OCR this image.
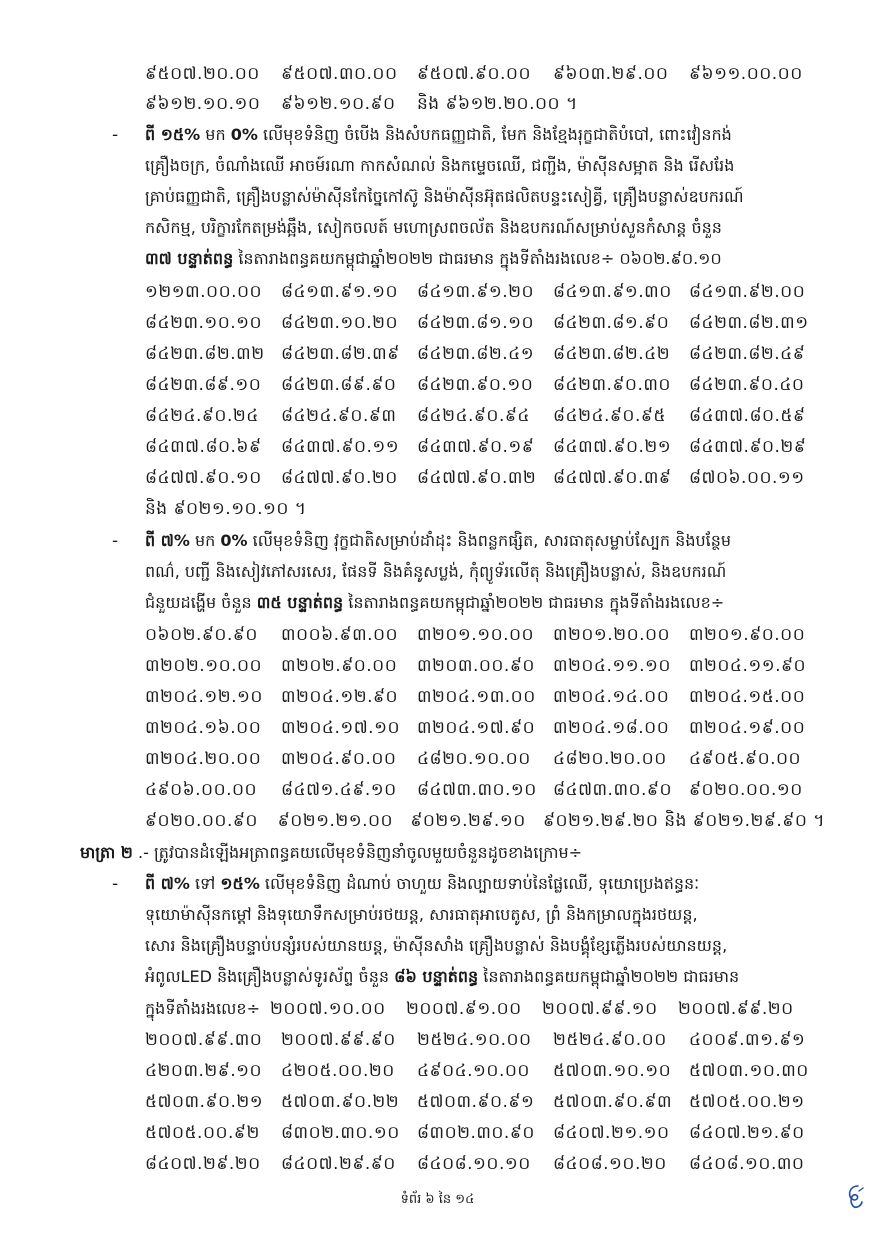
៩៥០៧.២០.០០	៩៥០៧.៣០.០០	៩៥០៧.៩០.០០	៩៦០៣.២៩.០០	៩៦១១.០០.០០
៩៦១២.១០.១០	៩៦១២.១០.៩០	និង ៩៦១២.២០.០០ ។
- ពី ១៥% មក 0% លើមុខទំនិញ ចំបើង និងសំបកធញ្ញជាតិ, មែក និងខ្មែងរុក្ខជាតិបំបៅ, ពោះវៀនកង់
គ្រឿងចក្រ, ចំណាំងឈើ អាចម៍រណា កាកសំណល់ និងកម្ទេចឈើ, ជញ្ជីង, ម៉ាស៊ីនសម្អាត និង រើសរែង
គ្រាប់ធញ្ញជាតិ, គ្រឿងបន្លាស់ម៉ាស៊ីនកែច្នៃកៅស៊ូ និងម៉ាស៊ីនអ៊ុតផលិតបន្ទះសៀគ្វី, គ្រឿងបន្លាស់ឧបករណ៍
កសិកម្ម, បរិក្ខារកែតម្រង់ឆ្អឹង, សៀកចលត៍ មហោស្រពចល័ត និងឧបករណ៍សម្រាប់សួនកំសាន្ត ចំនួន
៣៧ បន្ទាត់ពន្ធ នៃតារាងពន្ធគយកម្ពុជាឆ្នាំ២០២២ ជាធរមាន ក្នុងទីតាំងរងលេខ÷ ០៦០២.៩០.១០
១២១៣.០០.០០	៨៤១៣.៩១.១០	៨៤១៣.៩១.២០	៨៤១៣.៩១.៣០	៨៤១៣.៩២.០០
៨៤២៣.១០.១០	៨៤២៣.១០.២០	៨៤២៣.៨១.១០	៨៤២៣.៨១.៩០	៨៤២៣.៨២.៣១
៨៤២៣.៨២.៣២ ៨៤២៣.៨២.៣៩	៨៤២៣.៨២.៤១	៨៤២៣.៨២.៤២	៨៤២៣.៨២.៤៩
៨៤២៣.៨៩.១០	៨៤២៣.៨៩.៩០	៨៤២៣.៩០.១០	៨៤២៣.៩០.៣០	៨៤២៣.៩០.៤០
៨៤២៤.៩០.២៤	៨៤២៤.៩០.៩៣	៨៤២៤.៩០.៩៤	៨៤២៤.៩០.៩៥	៨៤៣៧.៨០.៥៩
៨៤៣៧.៨០.៦៩	៨៤៣៧.៩០.១១	៨៤៣៧.៩០.១៩	៨៤៣៧.៩០.២១	៨៤៣៧.៩០.២៩
៨៤៧៧.៩០.១០	៨៤៧៧.៩០.២០	៨៤៧៧.៩០.៣២ ៨៤៧៧.៩០.៣៩	៨៧០៦.០០.១១
និង ៩០២១.១០.១០ ។
- ពី ៧% មក 0% លើមុខទំនិញ វុក្ខជាតិសម្រាប់ដាំដុះ និងពន្លកផ្សិត, សារធាតុសម្លាប់ស្បែក និងបន្ថែម
ពណ៌, បញ្ជី និងសៀវភៅសរសេរ, ផែនទី និងគំនូសប្លង់, កុំព្យូទ័រលើតុ និងគ្រឿងបន្លាស់, និងឧបករណ៍
ជំនួយដង្ហើម ចំនួន ៣៥ បន្ទាត់ពន្ធ នៃតារាងពន្ធគយកម្ពុជាឆ្នាំ២០២២ ជាធរមាន ក្នុងទីតាំងរងលេខ÷
០៦០២.៩០.៩០	៣០០៦.៩៣.០០	៣២០១.១០.០០	៣២០១.២០.០០	៣២០១.៩០.០០
៣២០២.១០.០០	៣២០២.៩០.០០	៣២០៣.០០.៩០	៣២០៤.១១.១០	៣២០៤.១១.៩០
៣២០៤.១២.១០	៣២០៤.១២.៩០	៣២០៤.១៣.០០	៣២០៤.១៤.០០	៣២០៤.១៥.០០
៣២០៤.១៦.០០	៣២០៤.១៧.១០	៣២០៤.១៧.៩០	៣២០៤.១៨.០០	៣២០៤.១៩.០០
៣២០៤.២០.០០	៣២០៤.៩០.០០	៤៨២០.១០.០០	៤៨២០.២០.០០	៤៩០៥.៩០.០០
៤៩០៦.០០.០០	៨៤៧១.៤៩.១០	៨៤៧៣.៣០.១០ ៨៤៧៣.៣០.៩០	៩០២០.០០.១០
៩០២០.០០.៩០	៩០២១.២១.០០	៩០២១.២៩.១០	៩០២១.២៩.២០ និង ៩០២១.២៩.៩០ ។
មាត្រា ២ .- ត្រូវបានដំឡើងអត្រាពន្ធគយលើមុខទំនិញនាំចូលមួយចំនួនដូចខាងក្រោម÷
- ពី ៧% ទៅ ១៥% លើមុខទំនិញ ដំណាប់ ចាហួយ និងល្បាយទាប់នៃផ្លែឈើ, ទុយោប្រេងឥន្ធនៈ
ទុយោម៉ាស៊ីនកម្តៅ និងទុយោទឹកសម្រាប់រថយន្ត, សារធាតុអាបេតូស, ព្រំ និងកម្រាលក្នុងរថយន្ត,
សោរ និងគ្រឿងបន្ទាប់បន្សំរបស់យានយន្ត, ម៉ាស៊ីនសាំង គ្រឿងបន្លាស់ និងបង្គុំខ្សែភ្លើងរបស់យានយន្ត,
អំពូលLED និងគ្រឿងបន្លាស់ទូរស័ព្ទ ចំនួន ៨៦ បន្ទាត់ពន្ធ នៃតារាងពន្ធគយកម្ពុជាឆ្នាំ២០២២ ជាធរមាន
ក្នុងទីតាំងរងលេខ÷ ២០០៧.១០.០០	២០០៧.៩១.០០	២០០៧.៩៩.១០	២០០៧.៩៩.២០
២០០៧.៩៩.៣០	២០០៧.៩៩.៩០	២៥២៤.១០.០០	២៥២៤.៩០.០០	៤០០៩.៣១.៩១
៤២០៣.២៩.១០	៤២០៥.០០.២០	៤៩០៤.១០.០០	៥៧០៣.១០.១០	៥៧០៣.១០.៣០
៥៧០៣.៩០.២១	៥៧០៣.៩០.២២	៥៧០៣.៩០.៩១	៥៧០៣.៩០.៩៣	៥៧០៥.០០.២១
៥៧០៥.០០.៩២	៨៣០២.៣០.១០	៨៣០២.៣០.៩០	៨៤០៧.២១.១០	៨៤០៧.២១.៩០
៨៤០៧.២៩.២០	៨៤០៧.២៩.៩០	៨៤០៨.១០.១០	៨៤០៨.១០.២០	៨៤០៨.១០.៣០
ទំព័រ ៦ នៃ ១៤
